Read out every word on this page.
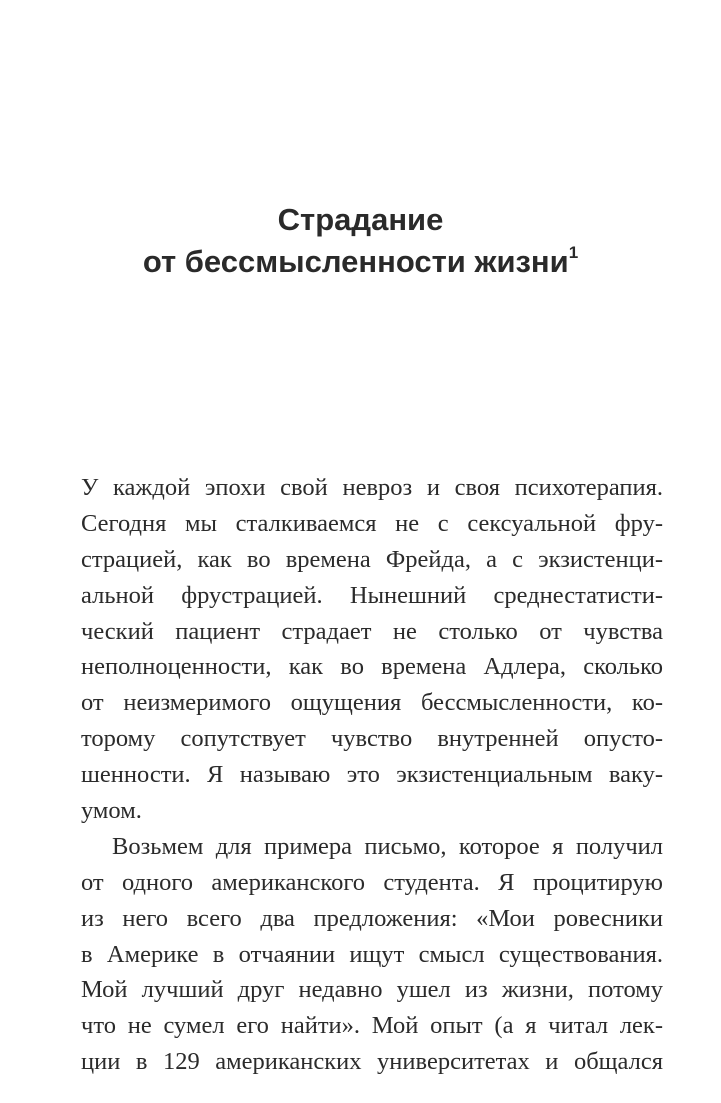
Страдание
от бессмысленности жизни$^1$
У каждой эпохи свой невроз и своя психотерапия.
Сегодня мы сталкиваемся не с сексуальной фру-
страцией, как во времена Фрейда, а с экзистенци-
альной фрустрацией. Нынешний среднестатисти-
ческий пациент страдает не столько от чувства
неполноценности, как во времена Адлера, сколько
от неизмеримого ощущения бессмысленности, ко-
торому сопутствует чувство внутренней опусто-
шенности. Я называю это экзистенциальным ваку-
умом.
Возьмем для примера письмо, которое я получил
от одного американского студента. Я процитирую
из него всего два предложения: «Мои ровесники
в Америке в отчаянии ищут смысл существования.
Мой лучший друг недавно ушел из жизни, потому
что не сумел его найти». Мой опыт (а я читал лек-
ции в 129 американских университетах и общался
